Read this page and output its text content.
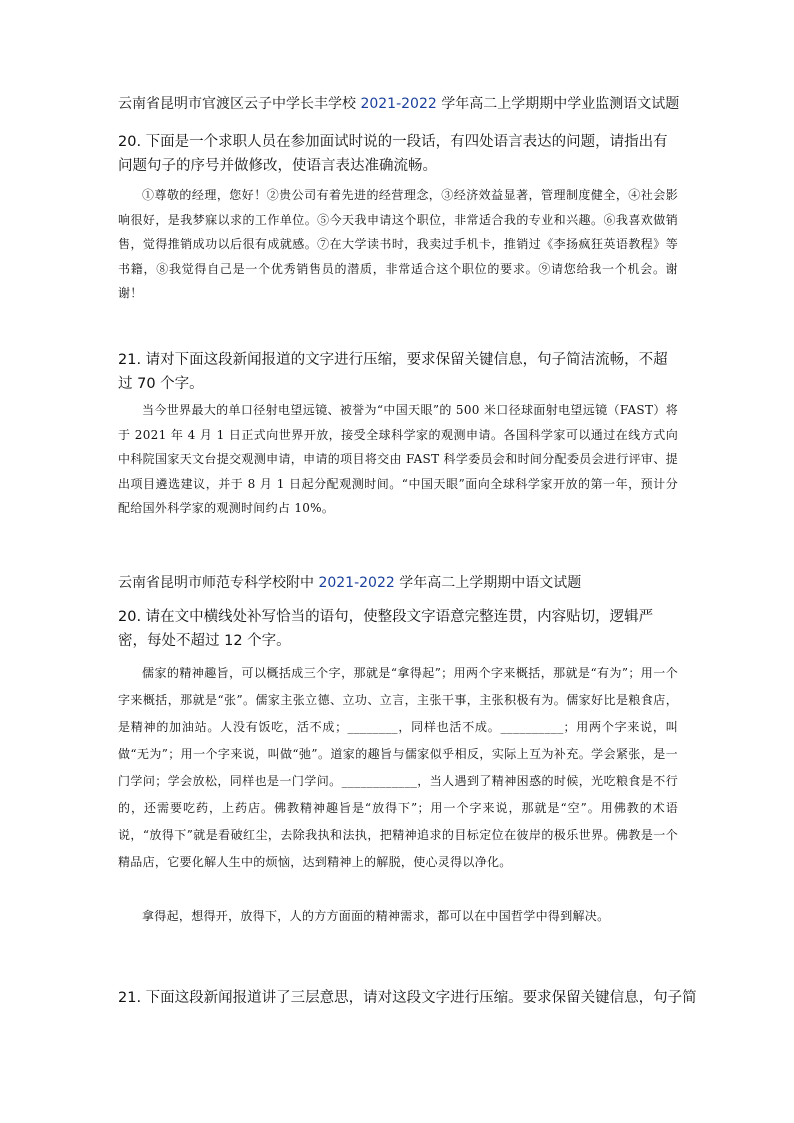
云南省昆明市官渡区云子中学长丰学校 2021-2022 学年高二上学期期中学业监测语文试题
20. 下面是一个求职人员在参加面试时说的一段话，有四处语言表达的问题，请指出有问题句子的序号并做修改，使语言表达准确流畅。
①尊敬的经理，您好！②贵公司有着先进的经营理念，③经济效益显著，管理制度健全，④社会影响很好，是我梦寐以求的工作单位。⑤今天我申请这个职位，非常适合我的专业和兴趣。⑥我喜欢做销售，觉得推销成功以后很有成就感。⑦在大学读书时，我卖过手机卡，推销过《李扬疯狂英语教程》等书籍，⑧我觉得自己是一个优秀销售员的潜质，非常适合这个职位的要求。⑨请您给我一个机会。谢谢！
21. 请对下面这段新闻报道的文字进行压缩，要求保留关键信息，句子简洁流畅，不超过 70 个字。
当今世界最大的单口径射电望远镜、被誉为“中国天眼”的 500 米口径球面射电望远镜（FAST）将于 2021 年 4 月 1 日正式向世界开放，接受全球科学家的观测申请。各国科学家可以通过在线方式向中科院国家天文台提交观测申请，申请的项目将交由 FAST 科学委员会和时间分配委员会进行评审、提出项目遴选建议，并于 8 月 1 日起分配观测时间。“中国天眼”面向全球科学家开放的第一年，预计分配给国外科学家的观测时间约占 10%。
云南省昆明市师范专科学校附中 2021-2022 学年高二上学期期中语文试题
20. 请在文中横线处补写恰当的语句，使整段文字语意完整连贯，内容贴切，逻辑严密，每处不超过 12 个字。
儒家的精神趣旨，可以概括成三个字，那就是“拿得起”；用两个字来概括，那就是“有为”；用一个字来概括，那就是“张”。儒家主张立德、立功、立言，主张干事，主张积极有为。儒家好比是粮食店，是精神的加油站。人没有饭吃，活不成；________，同样也活不成。__________；用两个字来说，叫做“无为”；用一个字来说，叫做“弛”。道家的趣旨与儒家似乎相反，实际上互为补充。学会紧张，是一门学问；学会放松，同样也是一门学问。____________，当人遇到了精神困惑的时候，光吃粮食是不行的，还需要吃药，上药店。佛教精神趣旨是“放得下”；用一个字来说，那就是“空”。用佛教的术语说，“放得下”就是看破红尘，去除我执和法执，把精神追求的目标定位在彼岸的极乐世界。佛教是一个精品店，它要化解人生中的烦恼，达到精神上的解脱，使心灵得以净化。
拿得起，想得开，放得下，人的方方面面的精神需求，都可以在中国哲学中得到解决。
21. 下面这段新闻报道讲了三层意思，请对这段文字进行压缩。要求保留关键信息，句子简
